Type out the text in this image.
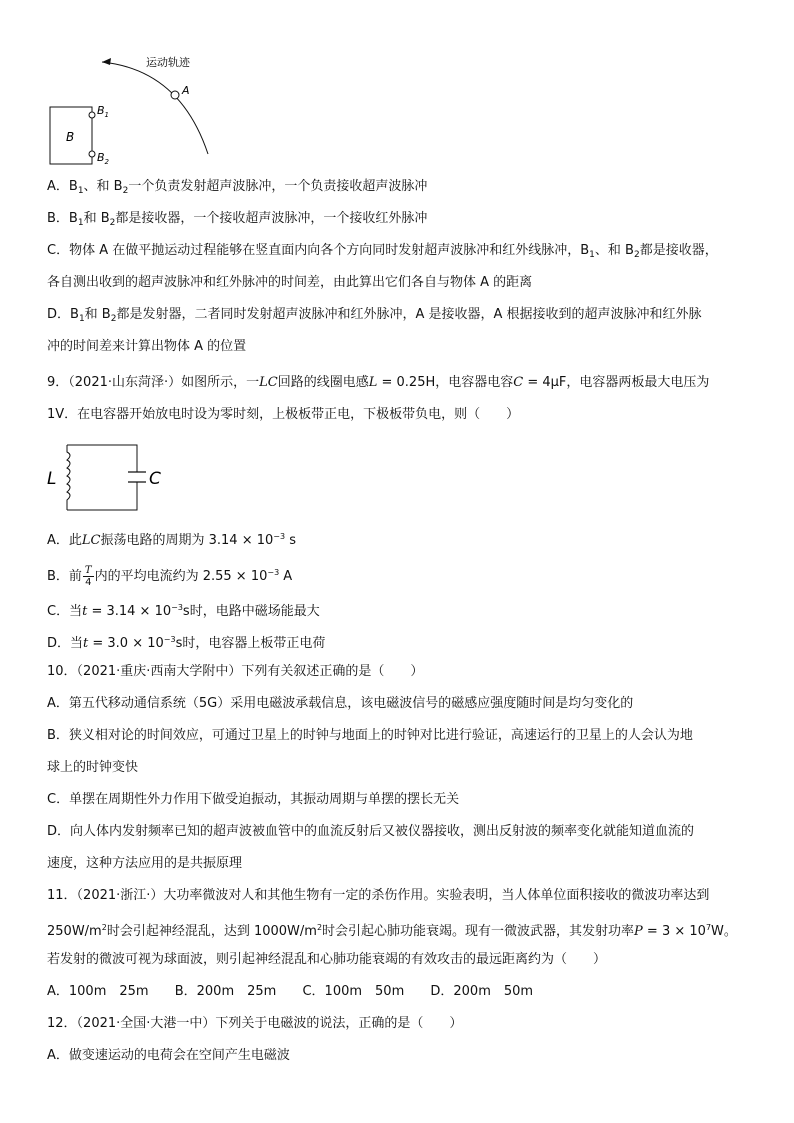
运动轨迹
A
B
$B_1$
$B_2$
A．$B_1$、和 $B_2$一个负责发射超声波脉冲，一个负责接收超声波脉冲
B．$B_1$和 $B_2$都是接收器，一个接收超声波脉冲，一个接收红外脉冲
C．物体 A 在做平抛运动过程能够在竖直面内向各个方向同时发射超声波脉冲和红外线脉冲，$B_1$、和 $B_2$都是接收器，
各自测出收到的超声波脉冲和红外脉冲的时间差，由此算出它们各自与物体 A 的距离
D．$B_1$和 $B_2$都是发射器，二者同时发射超声波脉冲和红外脉冲，A 是接收器，A 根据接收到的超声波脉冲和红外脉
冲的时间差来计算出物体 A 的位置
9．（2021·山东菏泽·）如图所示，一LC回路的线圈电感L = 0.25H，电容器电容C = 4μF，电容器两板最大电压为
1V．在电容器开始放电时设为零时刻，上极板带正电，下极板带负电，则（　　）
L	C
A．此LC振荡电路的周期为 $3.14 \times 10^{-3}$ s
B．前 $\frac{T}{4}$ 内的平均电流约为 $2.55 \times 10^{-3}$ A
C．当$t = 3.14 \times 10^{-3}s$时，电路中磁场能最大
D．当$t = 3.0 \times 10^{-3}s$时，电容器上板带正电荷
10．（2021·重庆·西南大学附中）下列有关叙述正确的是（　　）
A．第五代移动通信系统（5G）采用电磁波承载信息，该电磁波信号的磁感应强度随时间是均匀变化的
B．狭义相对论的时间效应，可通过卫星上的时钟与地面上的时钟对比进行验证，高速运行的卫星上的人会认为地
球上的时钟变快
C．单摆在周期性外力作用下做受迫振动，其振动周期与单摆的摆长无关
D．向人体内发射频率已知的超声波被血管中的血流反射后又被仪器接收，测出反射波的频率变化就能知道血流的
速度，这种方法应用的是共振原理
11．（2021·浙江·）大功率微波对人和其他生物有一定的杀伤作用。实验表明，当人体单位面积接收的微波功率达到
$250W/m^2$时会引起神经混乱，达到 $1000W/m^2$时会引起心肺功能衰竭。现有一微波武器，其发射功率$P = 3 \times 10^7W$。
若发射的微波可视为球面波，则引起神经混乱和心肺功能衰竭的有效攻击的最远距离约为（　　）
A．100m　25m B．200m　25m C．100m　50m D．200m　50m
12．（2021·全国·大港一中）下列关于电磁波的说法，正确的是（　　）
A．做变速运动的电荷会在空间产生电磁波
